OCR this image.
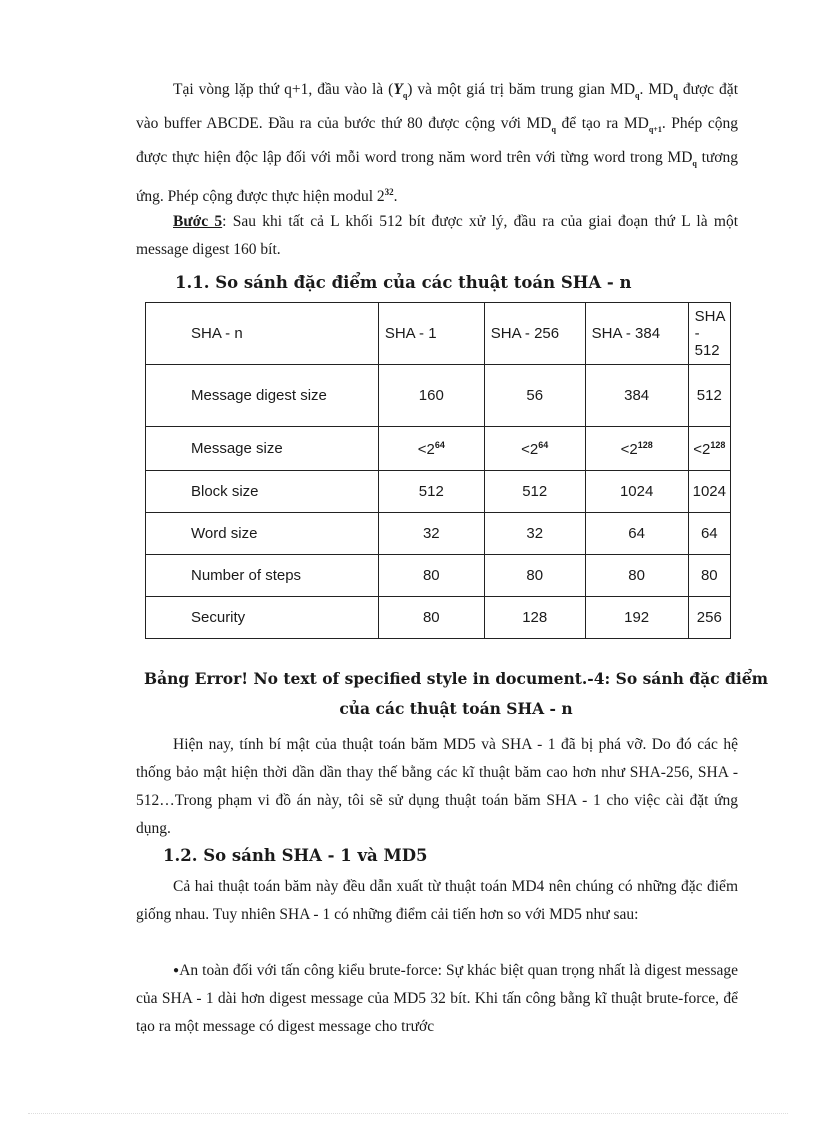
Tại vòng lặp thứ q+1, đầu vào là $(Y_q)$ và một giá trị băm trung gian $MD_q$. $MD_q$ được đặt vào buffer ABCDE. Đầu ra của bước thứ 80 được cộng với $MD_q$ để tạo ra $MD_{q+1}$. Phép cộng được thực hiện độc lập đối với mỗi word trong năm word trên với từng word trong $MD_q$ tương ứng. Phép cộng được thực hiện modul $2^{32}$.

Bước 5: Sau khi tất cả L khối 512 bít được xử lý, đầu ra của giai đoạn thứ L là một message digest 160 bít.

1.1. So sánh đặc điểm của các thuật toán SHA - n
SHA - n	SHA - 1	SHA - 256	SHA - 384	SHA - 512
Message digest size	160	56	384	512
Message size	$<2^{64}$	$<2^{64}$	$<2^{128}$	$<2^{128}$
Block size	512	512	1024	1024
Word size	32	32	64	64
Number of steps	80	80	80	80
Security	80	128	192	256
Bảng Error! No text of specified style in document.-4: So sánh đặc điểm
của các thuật toán SHA - n

Hiện nay, tính bí mật của thuật toán băm MD5 và SHA - 1 đã bị phá vỡ. Do đó các hệ thống bảo mật hiện thời dần dần thay thế bằng các kĩ thuật băm cao hơn như SHA-256, SHA - 512…Trong phạm vi đồ án này, tôi sẽ sử dụng thuật toán băm SHA - 1 cho việc cài đặt ứng dụng.

1.2. So sánh SHA - 1 và MD5

Cả hai thuật toán băm này đều dẫn xuất từ thuật toán MD4 nên chúng có những đặc điểm giống nhau. Tuy nhiên SHA - 1 có những điểm cải tiến hơn so với MD5 như sau:

●An toàn đối với tấn công kiểu brute-force: Sự khác biệt quan trọng nhất là digest message của SHA - 1 dài hơn digest message của MD5 32 bít. Khi tấn công bằng kĩ thuật brute-force, để tạo ra một message có digest message cho trước
